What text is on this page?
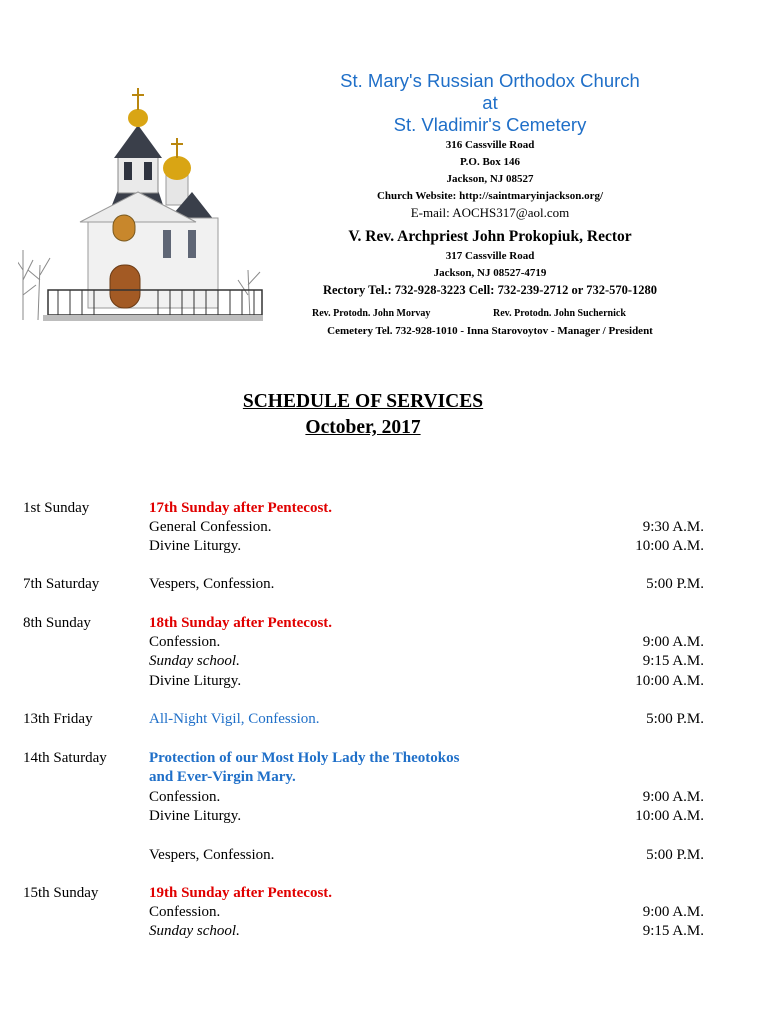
St. Mary's Russian Orthodox Church
at
St. Vladimir's Cemetery
316 Cassville Road
P.O. Box 146
Jackson, NJ 08527
Church Website: http://saintmaryinjackson.org/
E-mail: AOCHS317@aol.com
V. Rev. Archpriest John Prokopiuk, Rector
317 Cassville Road
Jackson, NJ 08527-4719
Rectory Tel.: 732-928-3223 Cell: 732-239-2712 or 732-570-1280
Rev. Protodn. John Morvay	Rev. Protodn. John Suchernick
Cemetery Tel. 732-928-1010 - Inna Starovoytov - Manager / President
SCHEDULE OF SERVICES
October, 2017
1st Sunday	17th Sunday after Pentecost.
General Confession.	9:30 A.M.
Divine Liturgy.	10:00 A.M.
7th Saturday	Vespers, Confession.	5:00 P.M.
8th Sunday	18th Sunday after Pentecost.
Confession.	9:00 A.M.
Sunday school.	9:15 A.M.
Divine Liturgy.	10:00 A.M.
13th Friday	All-Night Vigil, Confession.	5:00 P.M.
14th Saturday	Protection of our Most Holy Lady the Theotokos
and Ever-Virgin Mary.
Confession.	9:00 A.M.
Divine Liturgy.	10:00 A.M.
Vespers, Confession.	5:00 P.M.
15th Sunday	19th Sunday after Pentecost.
Confession.	9:00 A.M.
Sunday school.	9:15 A.M.
